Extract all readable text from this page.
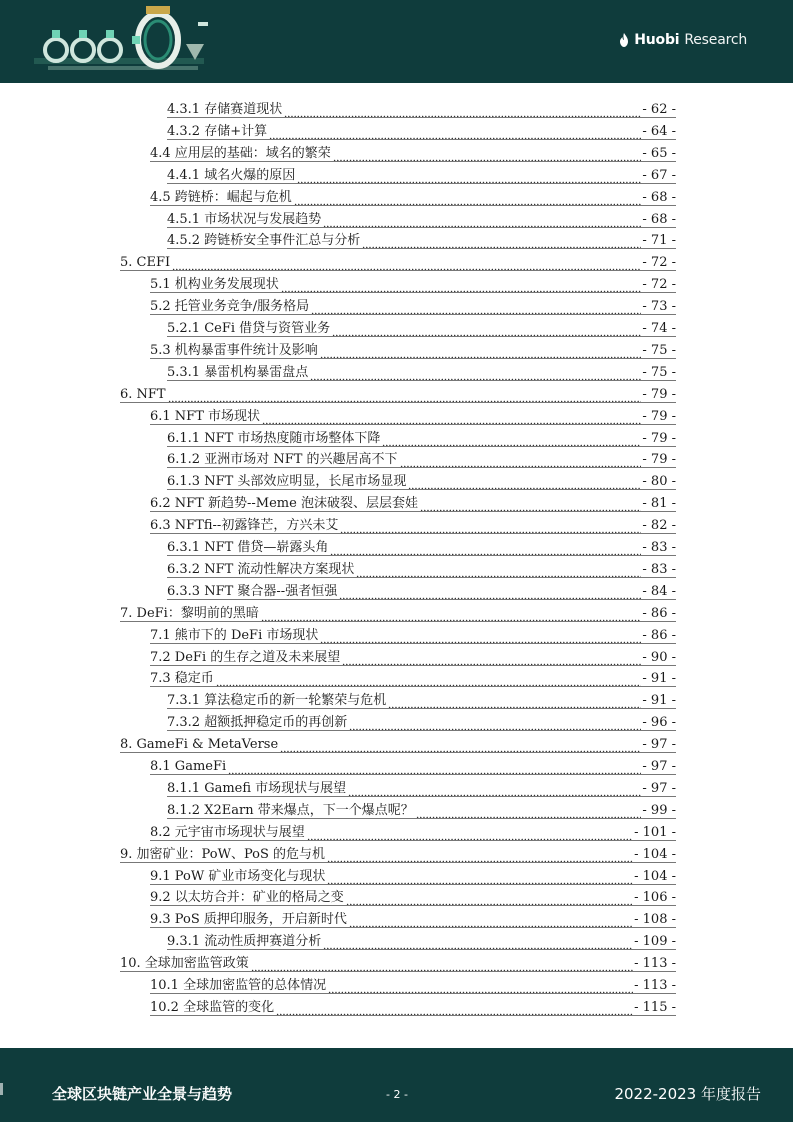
Huobi Research
4.3.1 存储赛道现状	- 62 -
4.3.2 存储+计算	- 64 -
4.4 应用层的基础：域名的繁荣	- 65 -
4.4.1 域名火爆的原因	- 67 -
4.5 跨链桥：崛起与危机	- 68 -
4.5.1 市场状况与发展趋势	- 68 -
4.5.2 跨链桥安全事件汇总与分析	- 71 -
5. CEFI	- 72 -
5.1 机构业务发展现状	- 72 -
5.2 托管业务竞争/服务格局	- 73 -
5.2.1 CeFi 借贷与资管业务	- 74 -
5.3 机构暴雷事件统计及影响	- 75 -
5.3.1 暴雷机构暴雷盘点	- 75 -
6. NFT	- 79 -
6.1 NFT 市场现状	- 79 -
6.1.1 NFT 市场热度随市场整体下降	- 79 -
6.1.2 亚洲市场对 NFT 的兴趣居高不下	- 79 -
6.1.3 NFT 头部效应明显，长尾市场显现	- 80 -
6.2 NFT 新趋势--Meme 泡沫破裂、层层套娃	- 81 -
6.3 NFTfi--初露锋芒，方兴未艾	- 82 -
6.3.1 NFT 借贷—崭露头角	- 83 -
6.3.2 NFT 流动性解决方案现状	- 83 -
6.3.3 NFT 聚合器--强者恒强	- 84 -
7. DeFi：黎明前的黑暗	- 86 -
7.1 熊市下的 DeFi 市场现状	- 86 -
7.2 DeFi 的生存之道及未来展望	- 90 -
7.3 稳定币	- 91 -
7.3.1 算法稳定币的新一轮繁荣与危机	- 91 -
7.3.2 超额抵押稳定币的再创新	- 96 -
8. GameFi & MetaVerse	- 97 -
8.1 GameFi	- 97 -
8.1.1 Gamefi 市场现状与展望	- 97 -
8.1.2 X2Earn 带来爆点，下一个爆点呢？	- 99 -
8.2 元宇宙市场现状与展望	- 101 -
9. 加密矿业：PoW、PoS 的危与机	- 104 -
9.1 PoW 矿业市场变化与现状	- 104 -
9.2 以太坊合并：矿业的格局之变	- 106 -
9.3 PoS 质押印服务，开启新时代	- 108 -
9.3.1 流动性质押赛道分析	- 109 -
10. 全球加密监管政策	- 113 -
10.1 全球加密监管的总体情况	- 113 -
10.2 全球监管的变化	- 115 -
全球区块链产业全景与趋势	- 2 -	2022-2023 年度报告
